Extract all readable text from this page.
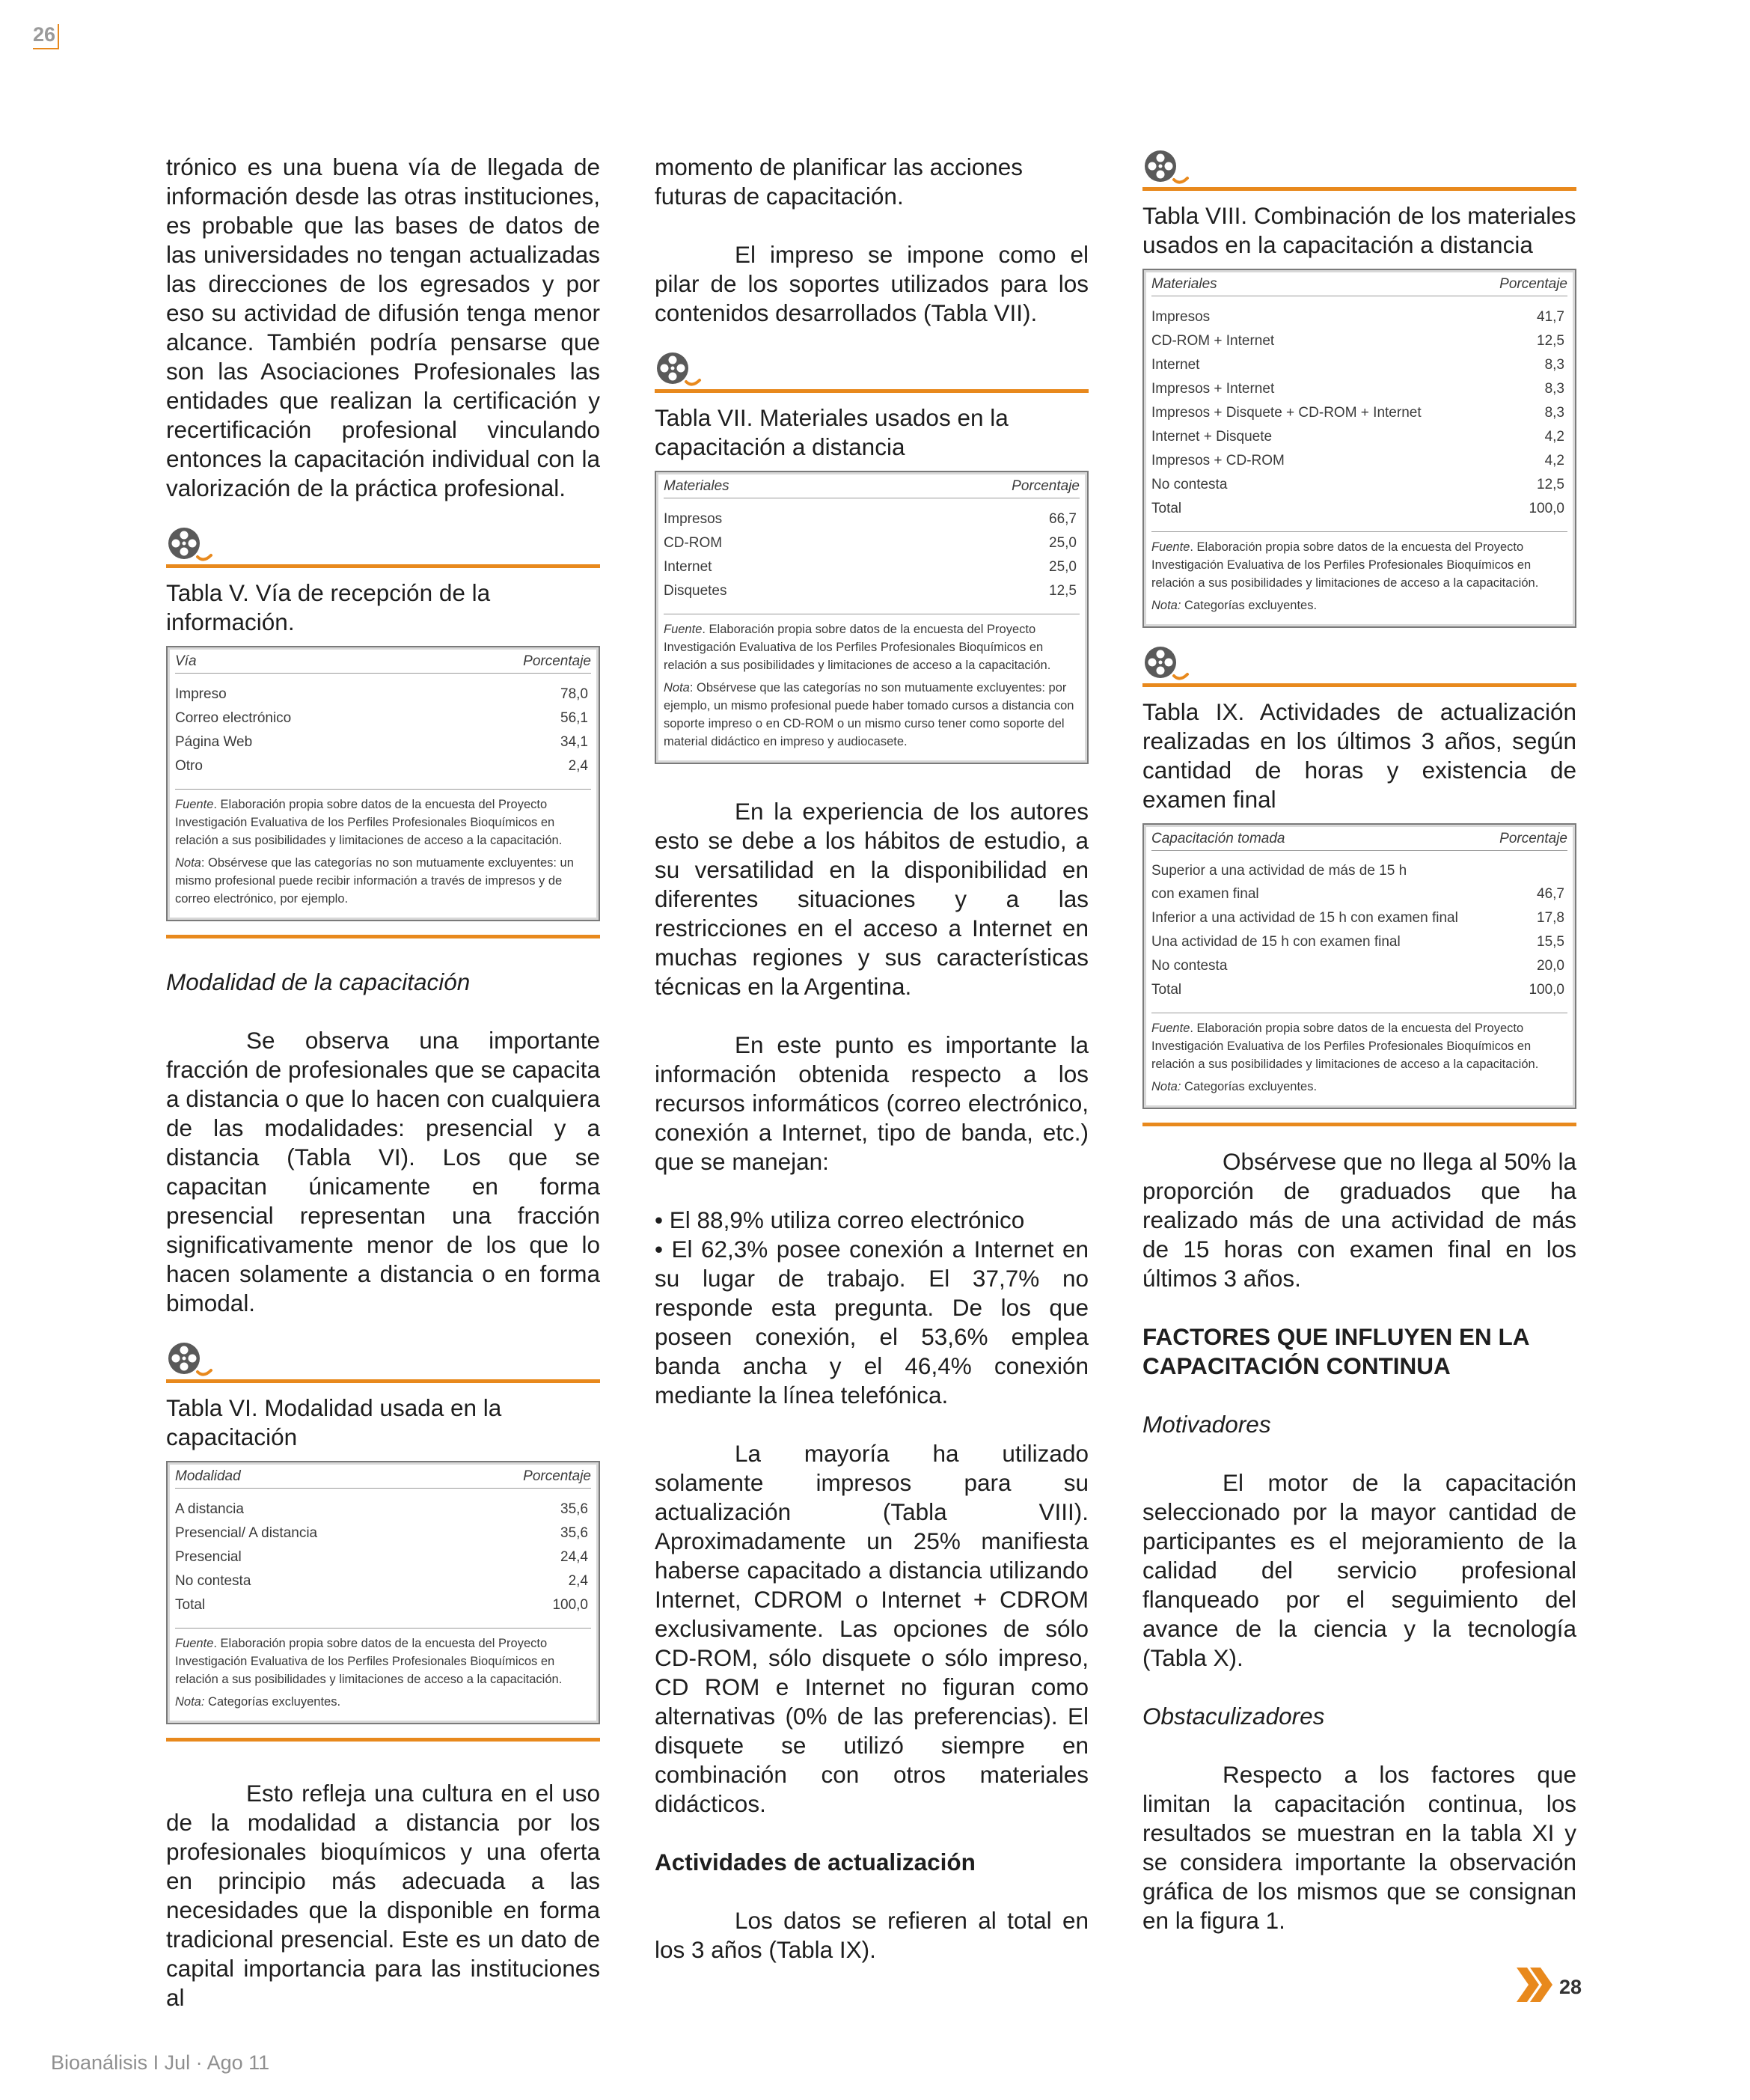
26

trónico es una buena vía de llegada de información desde las otras instituciones, es probable que las bases de datos de las universidades no tengan actualizadas las direcciones de los egresados y por eso su actividad de difusión tenga menor alcance. También podría pensarse que son las Asociaciones Profesionales las entidades que realizan la certificación y recertificación profesional vinculando entonces la capacitación individual con la valorización de la práctica profesional.

Tabla V. Vía de recepción de la información.
Vía	Porcentaje
Impreso	78,0
Correo electrónico	56,1
Página Web	34,1
Otro	2,4

Fuente. Elaboración propia sobre datos de la encuesta del Proyecto Investigación Evaluativa de los Perfiles Profesionales Bioquímicos en relación a sus posibilidades y limitaciones de acceso a la capacitación.

Nota: Obsérvese que las categorías no son mutuamente excluyentes: un mismo profesional puede recibir información a través de impresos y de correo electrónico, por ejemplo.

Modalidad de la capacitación

Se observa una importante fracción de profesionales que se capacita a distancia o que lo hacen con cualquiera de las modalidades: presencial y a distancia (Tabla VI). Los que se capacitan únicamente en forma presencial representan una fracción significativamente menor de los que lo hacen solamente a distancia o en forma bimodal.

Tabla VI. Modalidad usada en la capacitación
Modalidad	Porcentaje
A distancia	35,6
Presencial/ A distancia	35,6
Presencial	24,4
No contesta	2,4
Total	100,0

Fuente. Elaboración propia sobre datos de la encuesta del Proyecto Investigación Evaluativa de los Perfiles Profesionales Bioquímicos en relación a sus posibilidades y limitaciones de acceso a la capacitación.

Nota: Categorías excluyentes.

Esto refleja una cultura en el uso de la modalidad a distancia por los profesionales bioquímicos y una oferta en principio más adecuada a las necesidades que la disponible en forma tradicional presencial. Este es un dato de capital importancia para las instituciones al

momento de planificar las acciones futuras de capacitación.

El impreso se impone como el pilar de los soportes utilizados para los contenidos desarrollados (Tabla VII).

Tabla VII. Materiales usados en la capacitación a distancia
Materiales	Porcentaje
Impresos	66,7
CD-ROM	25,0
Internet	25,0
Disquetes	12,5

Fuente. Elaboración propia sobre datos de la encuesta del Proyecto Investigación Evaluativa de los Perfiles Profesionales Bioquímicos en relación a sus posibilidades y limitaciones de acceso a la capacitación.

Nota: Obsérvese que las categorías no son mutuamente excluyentes: por ejemplo, un mismo profesional puede haber tomado cursos a distancia con soporte impreso o en CD-ROM o un mismo curso tener como soporte del material didáctico en impreso y audiocasete.

En la experiencia de los autores esto se debe a los hábitos de estudio, a su versatilidad en la disponibilidad en diferentes situaciones y a las restricciones en el acceso a Internet en muchas regiones y sus características técnicas en la Argentina.

En este punto es importante la información obtenida respecto a los recursos informáticos (correo electrónico, conexión a Internet, tipo de banda, etc.) que se manejan:

• El 88,9% utiliza correo electrónico

• El 62,3% posee conexión a Internet en su lugar de trabajo. El 37,7% no responde esta pregunta. De los que poseen conexión, el 53,6% emplea banda ancha y el 46,4% conexión mediante la línea telefónica.

La mayoría ha utilizado solamente impresos para su actualización (Tabla VIII). Aproximadamente un 25% manifiesta haberse capacitado a distancia utilizando Internet, CDROM o Internet + CDROM exclusivamente. Las opciones de sólo CD-ROM, sólo disquete o sólo impreso, CD ROM e Internet no figuran como alternativas (0% de las preferencias). El disquete se utilizó siempre en combinación con otros materiales didácticos.

Actividades de actualización

Los datos se refieren al total en los 3 años (Tabla IX).

Tabla VIII. Combinación de los materiales usados en la capacitación a distancia
Materiales	Porcentaje
Impresos	41,7
CD-ROM + Internet	12,5
Internet	8,3
Impresos + Internet	8,3
Impresos + Disquete + CD-ROM + Internet	8,3
Internet + Disquete	4,2
Impresos + CD-ROM	4,2
No contesta	12,5
Total	100,0

Fuente. Elaboración propia sobre datos de la encuesta del Proyecto Investigación Evaluativa de los Perfiles Profesionales Bioquímicos en relación a sus posibilidades y limitaciones de acceso a la capacitación.

Nota: Categorías excluyentes.

Tabla IX. Actividades de actualización realizadas en los últimos 3 años, según cantidad de horas y existencia de examen final
Capacitación tomada	Porcentaje
Superior a una actividad de más de 15 h
con examen final	46,7
Inferior a una actividad de 15 h con examen final	17,8
Una actividad de 15 h con examen final	15,5
No contesta	20,0
Total	100,0

Fuente. Elaboración propia sobre datos de la encuesta del Proyecto Investigación Evaluativa de los Perfiles Profesionales Bioquímicos en relación a sus posibilidades y limitaciones de acceso a la capacitación.

Nota: Categorías excluyentes.

Obsérvese que no llega al 50% la proporción de graduados que ha realizado más de una actividad de más de 15 horas con examen final en los últimos 3 años.

FACTORES QUE INFLUYEN EN LA CAPACITACIÓN CONTINUA

Motivadores

El motor de la capacitación seleccionado por la mayor cantidad de participantes es el mejoramiento de la calidad del servicio profesional flanqueado por el seguimiento del avance de la ciencia y la tecnología (Tabla X).

Obstaculizadores

Respecto a los factores que limitan la capacitación continua, los resultados se muestran en la tabla XI y se considera importante la observación gráfica de los mismos que se consignan en la figura 1.

28
Bioanálisis I Jul · Ago 11
